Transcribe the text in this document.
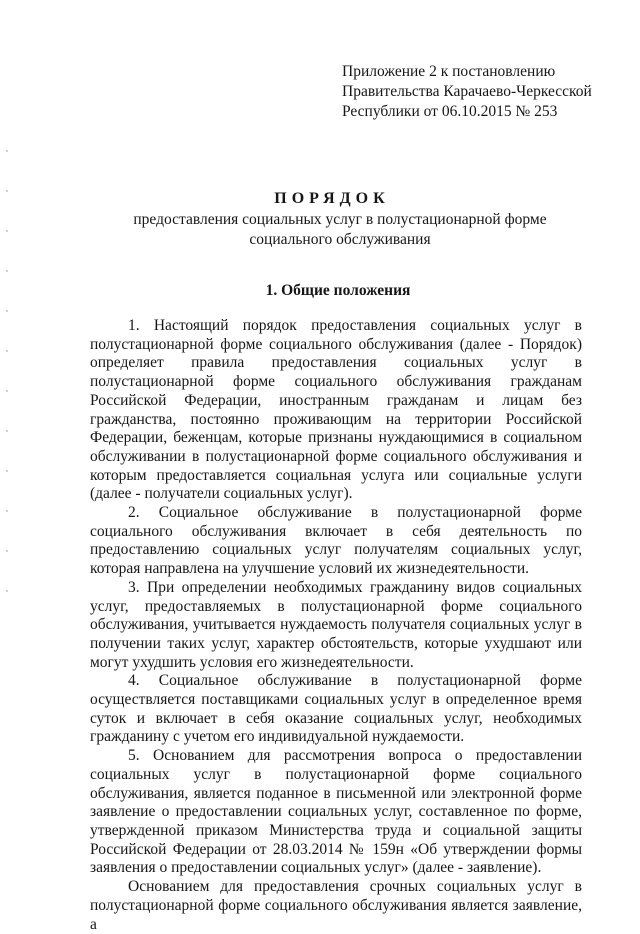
Приложение 2 к постановлению
Правительства Карачаево-Черкесской
Республики от 06.10.2015 № 253
ПОРЯДОК
предоставления социальных услуг в полустационарной форме социального обслуживания
1. Общие положения

1. Настоящий порядок предоставления социальных услуг в полустационарной форме социального обслуживания (далее - Порядок) определяет правила предоставления социальных услуг в полустационарной форме социального обслуживания гражданам Российской Федерации, иностранным гражданам и лицам без гражданства, постоянно проживающим на территории Российской Федерации, беженцам, которые признаны нуждающимися в социальном обслуживании в полустационарной форме социального обслуживания и которым предоставляется социальная услуга или социальные услуги (далее - получатели социальных услуг).

2. Социальное обслуживание в полустационарной форме социального обслуживания включает в себя деятельность по предоставлению социальных услуг получателям социальных услуг, которая направлена на улучшение условий их жизнедеятельности.

3. При определении необходимых гражданину видов социальных услуг, предоставляемых в полустационарной форме социального обслуживания, учитывается нуждаемость получателя социальных услуг в получении таких услуг, характер обстоятельств, которые ухудшают или могут ухудшить условия его жизнедеятельности.

4. Социальное обслуживание в полустационарной форме осуществляется поставщиками социальных услуг в определенное время суток и включает в себя оказание социальных услуг, необходимых гражданину с учетом его индивидуальной нуждаемости.

5. Основанием для рассмотрения вопроса о предоставлении социальных услуг в полустационарной форме социального обслуживания, является поданное в письменной или электронной форме заявление о предоставлении социальных услуг, составленное по форме, утвержденной приказом Министерства труда и социальной защиты Российской Федерации от 28.03.2014 № 159н «Об утверждении формы заявления о предоставлении социальных услуг» (далее - заявление).

Основанием для предоставления срочных социальных услуг в полустационарной форме социального обслуживания является заявление, а
